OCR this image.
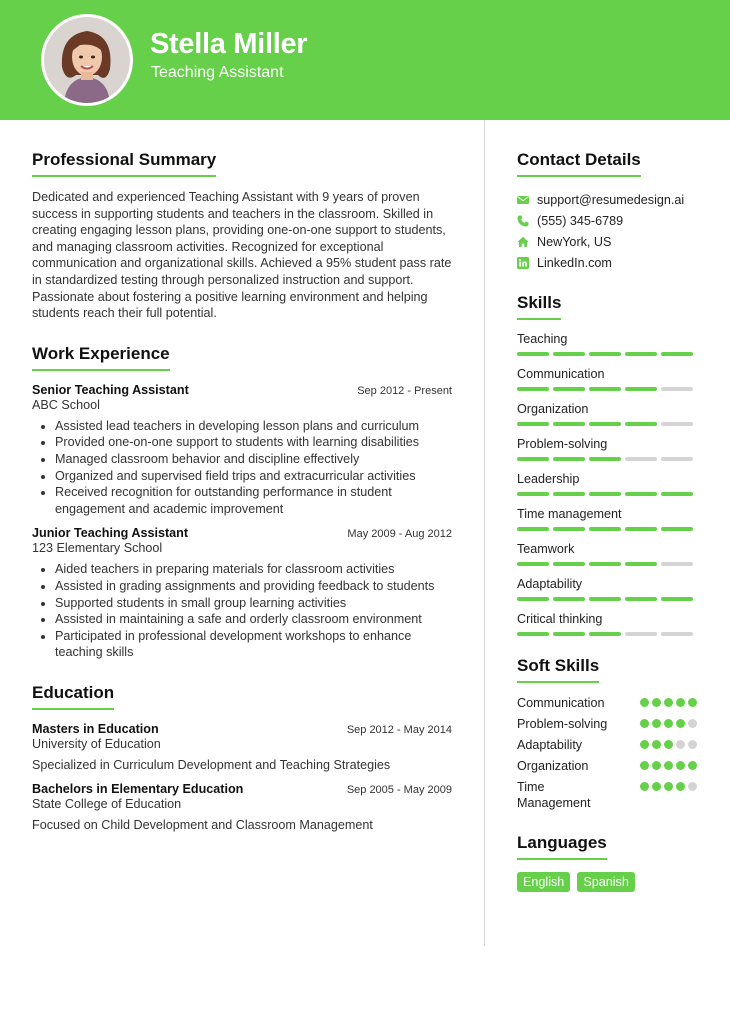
Stella Miller
Teaching Assistant
Professional Summary

Dedicated and experienced Teaching Assistant with 9 years of proven success in supporting students and teachers in the classroom. Skilled in creating engaging lesson plans, providing one-on-one support to students, and managing classroom activities. Recognized for exceptional communication and organizational skills. Achieved a 95% student pass rate in standardized testing through personalized instruction and support. Passionate about fostering a positive learning environment and helping students reach their full potential.

Work Experience
Senior Teaching Assistant	Sep 2012 - Present
ABC School
• Assisted lead teachers in developing lesson plans and curriculum
• Provided one-on-one support to students with learning disabilities
• Managed classroom behavior and discipline effectively
• Organized and supervised field trips and extracurricular activities
• Received recognition for outstanding performance in student engagement and academic improvement
Junior Teaching Assistant	May 2009 - Aug 2012
123 Elementary School
• Aided teachers in preparing materials for classroom activities
• Assisted in grading assignments and providing feedback to students
• Supported students in small group learning activities
• Assisted in maintaining a safe and orderly classroom environment
• Participated in professional development workshops to enhance teaching skills
Education
Masters in Education	Sep 2012 - May 2014
University of Education
Specialized in Curriculum Development and Teaching Strategies
Bachelors in Elementary Education	Sep 2005 - May 2009
State College of Education
Focused on Child Development and Classroom Management
Contact Details
support@resumedesign.ai
(555) 345-6789
NewYork, US
LinkedIn.com
Skills
Teaching
Communication
Organization
Problem-solving
Leadership
Time management
Teamwork
Adaptability
Critical thinking
Soft Skills
Communication
Problem-solving
Adaptability
Organization
Time Management
Languages
English	Spanish
